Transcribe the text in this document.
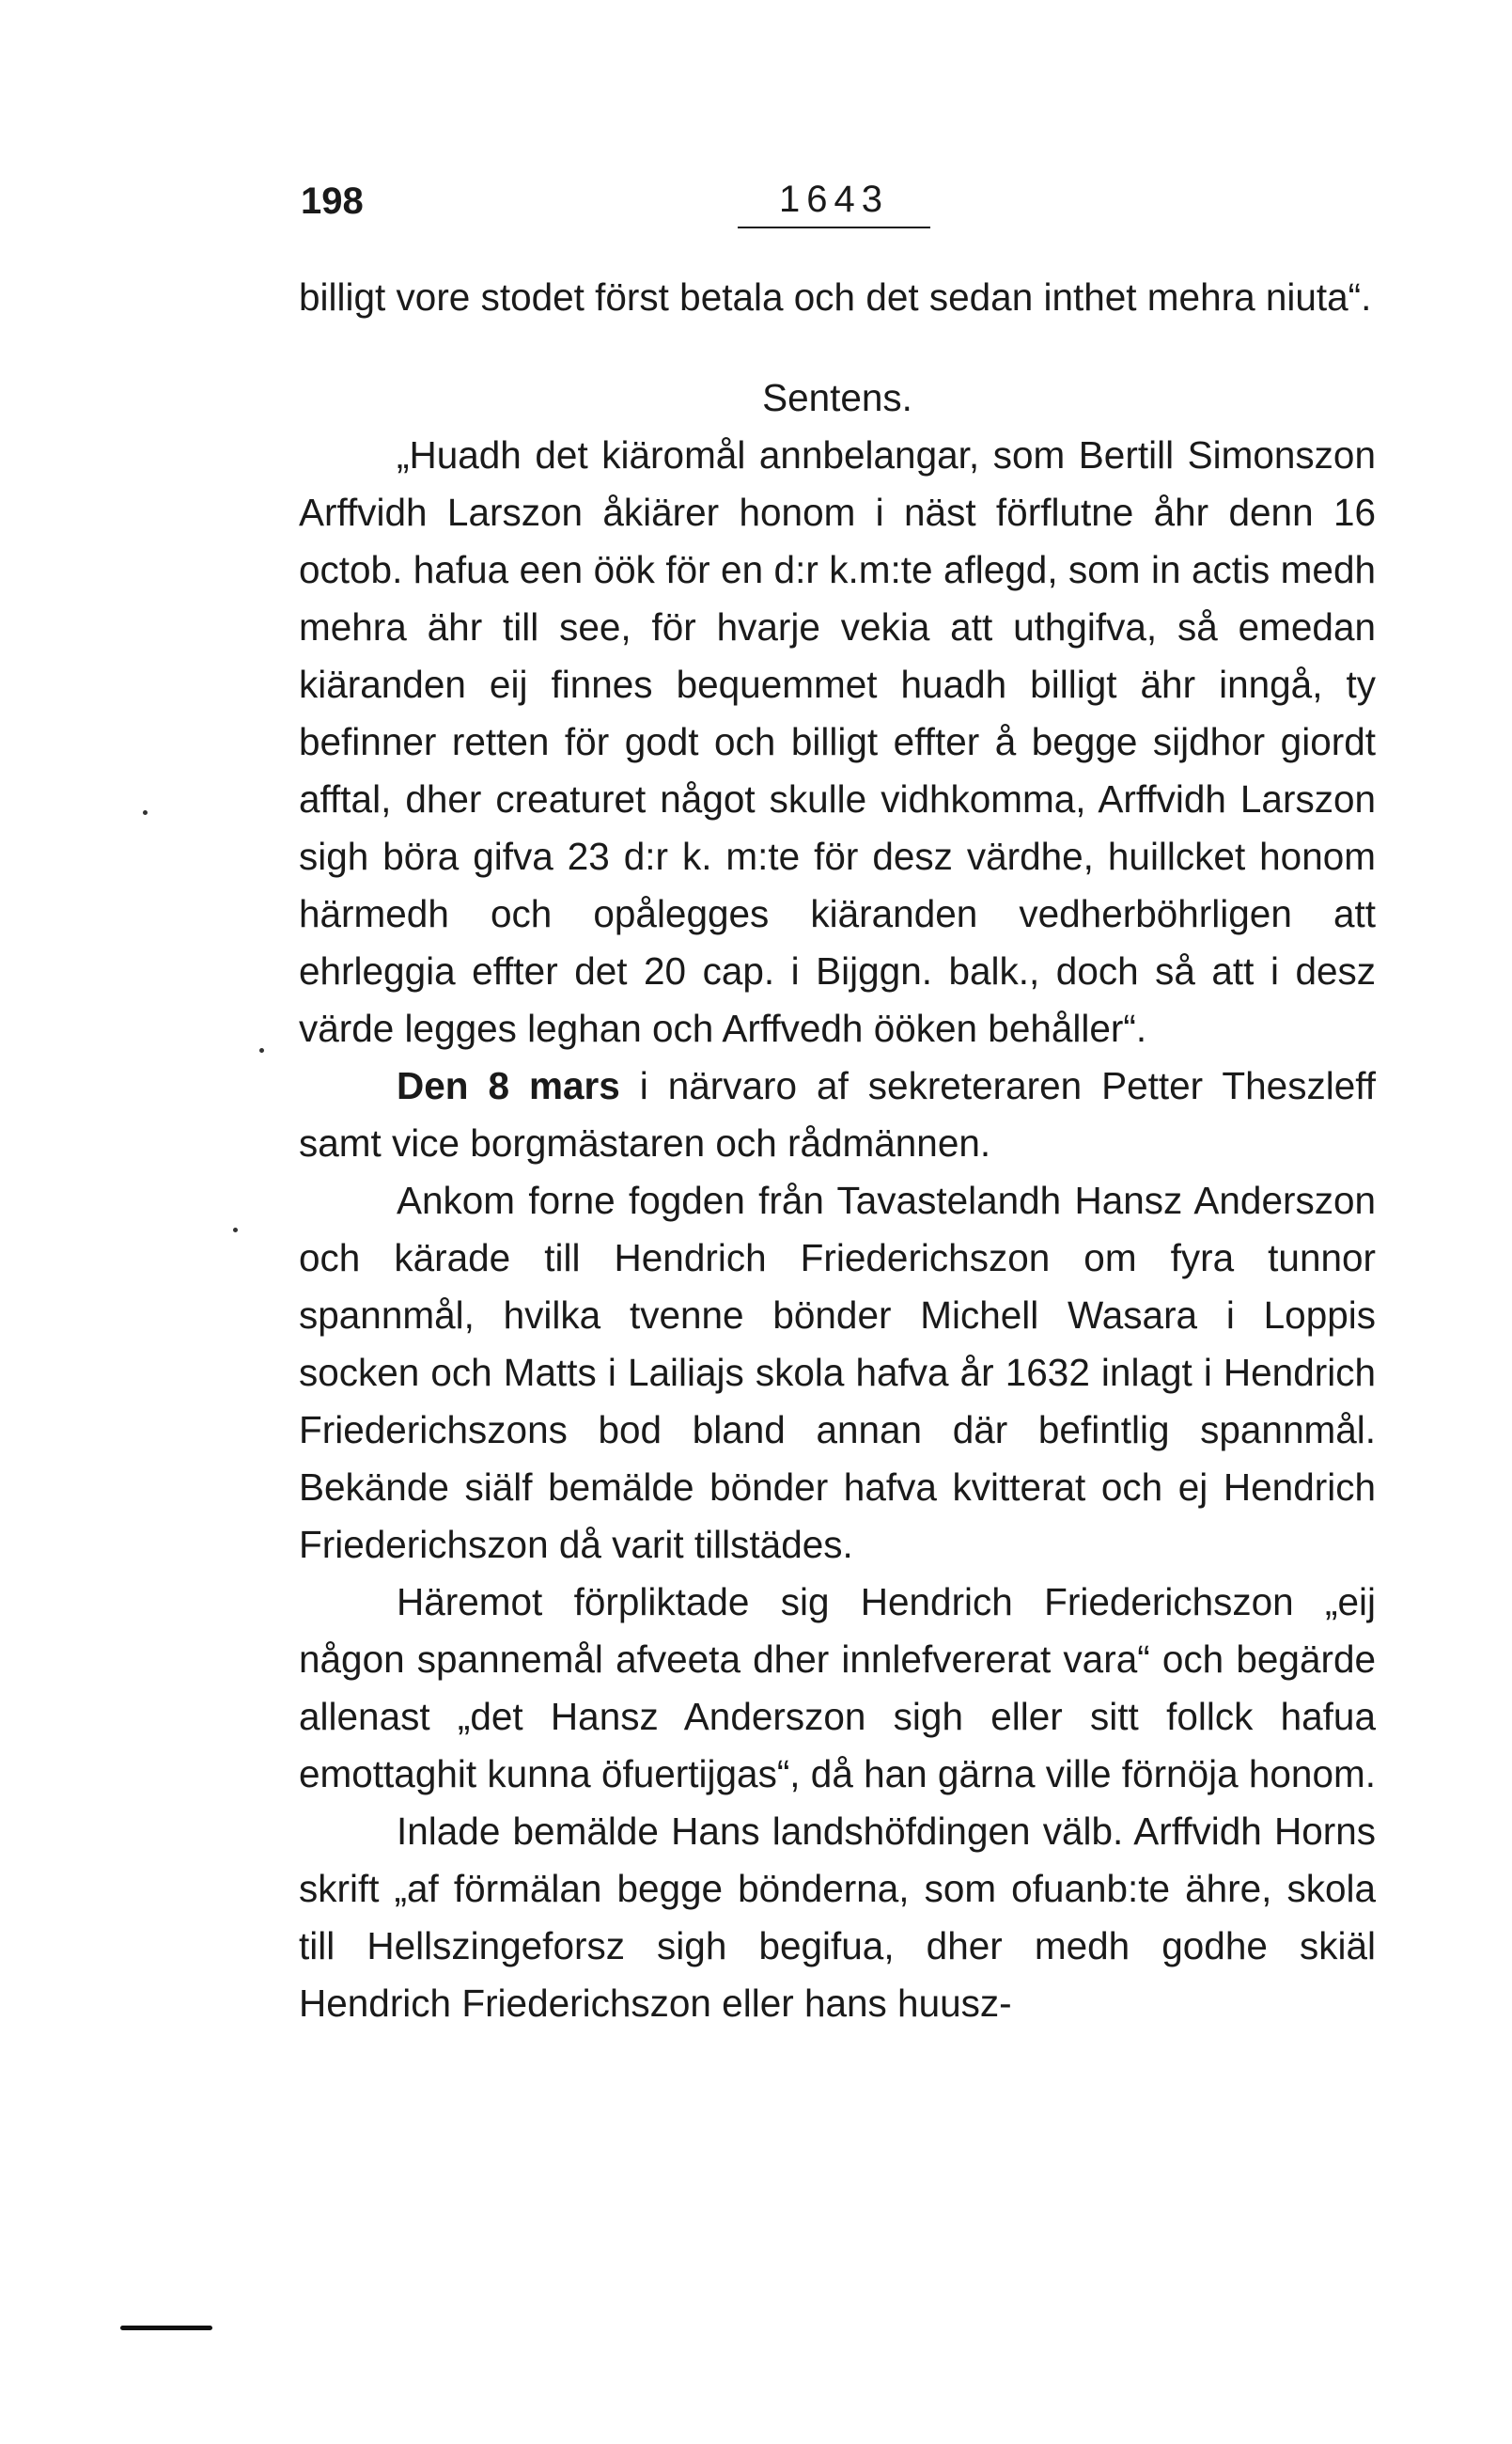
198	1643

billigt vore stodet först betala och det sedan inthet mehra niuta“.

Sentens.

„Huadh det kiäromål annbelangar, som Bertill Simonszon Arffvidh Larszon åkiärer honom i näst förflutne åhr denn 16 octob. hafua een öök för en d:r k.m:te aflegd, som in actis medh mehra ähr till see, för hvarje vekia att uthgifva, så emedan kiäranden eij finnes bequemmet huadh billigt ähr inngå, ty befinner retten för godt och billigt effter å begge sijdhor giordt afftal, dher creaturet något skulle vidhkomma, Arffvidh Larszon sigh böra gifva 23 d:r k. m:te för desz värdhe, huillcket honom härmedh och opålegges kiäranden vedherböhrligen att ehrleggia effter det 20 cap. i Bijggn. balk., doch så att i desz värde legges leghan och Arffvedh ööken behåller“.

Den 8 mars i närvaro af sekreteraren Petter Theszleff samt vice borgmästaren och rådmännen.

Ankom forne fogden från Tavastelandh Hansz Anderszon och kärade till Hendrich Friederichszon om fyra tunnor spannmål, hvilka tvenne bönder Michell Wasara i Loppis socken och Matts i Lailiajs skola hafva år 1632 inlagt i Hendrich Friederichszons bod bland annan där befintlig spannmål. Bekände siälf bemälde bönder hafva kvitterat och ej Hendrich Friederichszon då varit tillstädes.

Häremot förpliktade sig Hendrich Friederichszon „eij någon spannemål afveeta dher innlefvererat vara“ och begärde allenast „det Hansz Anderszon sigh eller sitt follck hafua emottaghit kunna öfuertijgas“, då han gärna ville förnöja honom.

Inlade bemälde Hans landshöfdingen välb. Arffvidh Horns skrift „af förmälan begge bönderna, som ofuanb:te ähre, skola till Hellszingeforsz sigh begifua, dher medh godhe skiäl Hendrich Friederichszon eller hans huusz-
